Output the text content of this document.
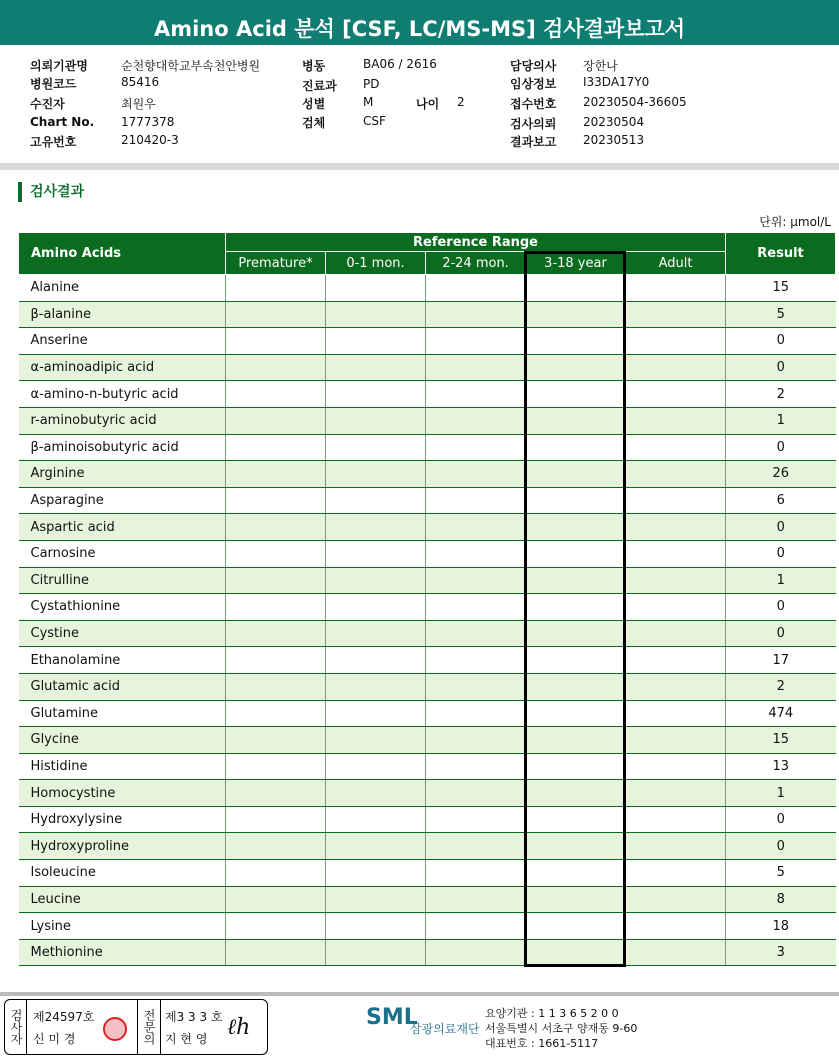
Amino Acid 분석 [CSF, LC/MS-MS] 검사결과보고서
검사결과
단위: μmol/L
Amino Acids	Reference Range					Result
	Premature*	0-1 mon.	2-24 mon.	3-18 year	Adult	
Alanine						15
β-alanine						5
Anserine						0
α-aminoadipic acid						0
α-amino-n-butyric acid						2
r-aminobutyric acid						1
β-aminoisobutyric acid						0
Arginine						26
Asparagine						6
Aspartic acid						0
Carnosine						0
Citrulline						1
Cystathionine						0
Cystine						0
Ethanolamine						17
Glutamic acid						2
Glutamine						474
Glycine						15
Histidine						13
Homocystine						1
Hydroxylysine						0
Hydroxyproline						0
Isoleucine						5
Leucine						8
Lysine						18
Methionine						3
검사자 제24597호
신 미 경	전문의 제3 3 3 호
지 현 영 ℓh	SML
삼광의료재단
요양기관 : 1 1 3 6 5 2 0 0
서울특별시 서초구 양재동 9-60
대표번호 : 1661-5117
의뢰기관명	순천향대학교부속천안병원
병원코드	85416
수진자	최원우
Chart No. 1777378
고유번호	210420-3
병동	BA06 / 2616
진료과 PD
성별	M
검체	CSF
담당의사 장한나
임상정보 I33DA17Y0
접수번호 20230504-36605
검사의뢰 20230504
결과보고 20230513
나이 2
